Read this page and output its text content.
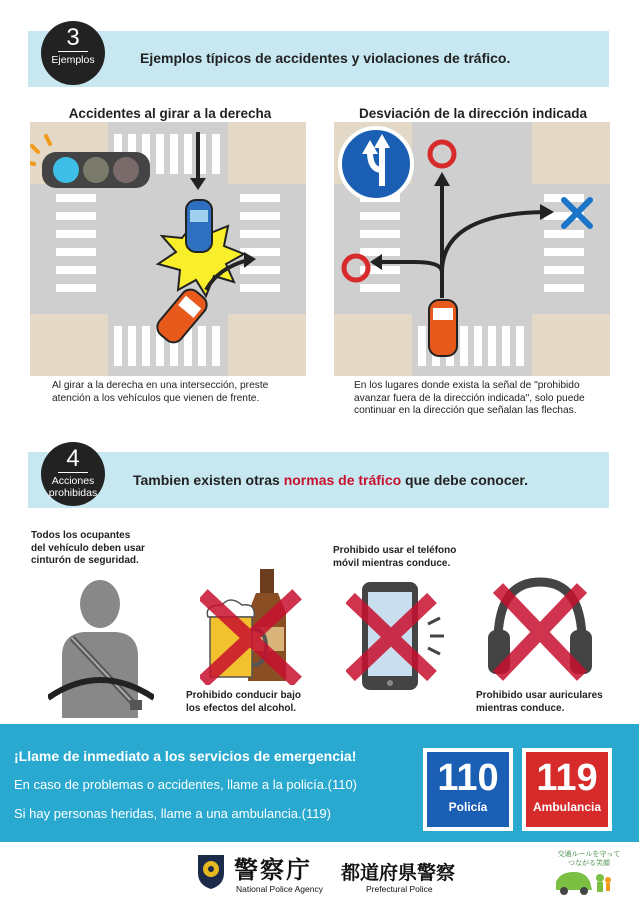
3
Ejemplos	Ejemplos típicos de accidentes y violaciones de tráfico.
Accidentes al girar a la derecha
Al girar a la derecha en una intersección, preste
atención a los vehículos que vienen de frente.
Desviación de la dirección indicada
En los lugares donde exista la señal de "prohibido
avanzar fuera de la dirección indicada", solo puede
continuar en la dirección que señalan las flechas.
4
Acciones
prohibidas
Tambien existen otras normas de tráfico que debe conocer.
Todos los ocupantes
del vehículo deben usar
cinturón de seguridad.
Prohibido conducir bajo
los efectos del alcohol.
Prohibido usar el teléfono
móvil mientras conduce.
Prohibido usar auriculares
mientras conduce.
¡Llame de inmediato a los servicios de emergencia!
En caso de problemas o accidentes, llame a la policía.(110)
Si hay personas heridas, llame a una ambulancia.(119)
110
Policía
119
Ambulancia
警察庁
National Police Agency
都道府県警察
Prefectural Police
交通ルールを守って
つながる笑顔
